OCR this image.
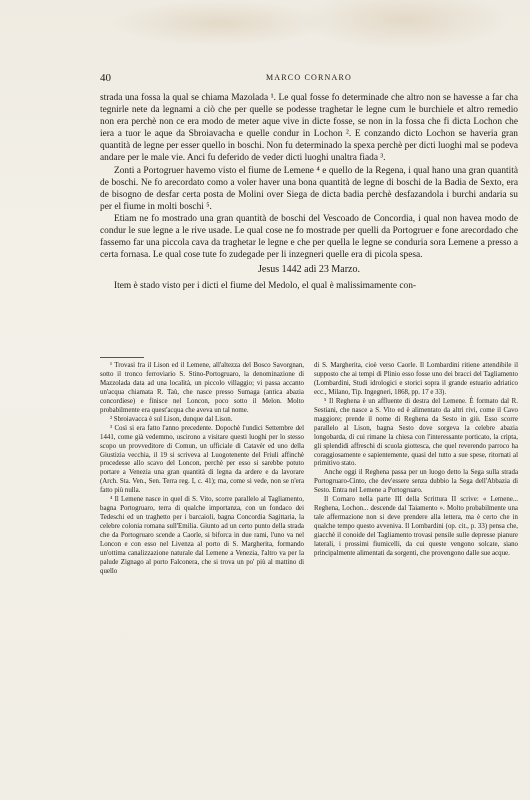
40	MARCO CORNARO

strada una fossa la qual se chiama Mazolada ¹. Le qual fosse fo determinade che altro non se havesse a far cha tegnirle nete da legnami a ciò che per quelle se podesse traghetar le legne cum le burchiele et altro remedio non era perchè non ce era modo de meter aque vive in dicte fosse, se non in la fossa che fi dicta Lochon che iera a tuor le aque da Sbroiavacha e quelle condur in Lochon ². E conzando dicto Lochon se haveria gran quantità de legne per esser quello in boschi. Non fu determinado la spexa perchè per dicti luoghi mal se podeva andare per le male vie. Anci fu deferido de veder dicti luoghi unaltra fiada ³.

Zonti a Portogruer havemo visto el fiume de Lemene ⁴ e quello de la Regena, i qual hano una gran quantità de boschi. Ne fo arecordato como a voler haver una bona quantità de legne di boschi de la Badia de Sexto, era de bisogno de desfar certa posta de Molini over Siega de dicta badia perchè desfazandola i burchi andaria su per el fiume in molti boschi ⁵.

Etiam ne fo mostrado una gran quantità de boschi del Vescoado de Concordia, i qual non havea modo de condur le sue legne a le rive usade. Le qual cose ne fo mostrade per quelli da Portogruer e fone arecordado che fassemo far una piccola cava da traghetar le legne e che per quella le legne se conduria sora Lemene a presso a certa fornasa. Le qual cose tute fo zudegade per li inzegneri quelle era di picola spesa.

Jesus 1442 adì 23 Marzo.

Item è stado visto per i dicti el fiume del Medolo, el qual è malissimamente con-

¹ Trovasi fra il Lison ed il Lemene, all'altezza del Bosco Savorgnan, sotto il tronco ferroviario S. Stino-Portogruaro, la denominazione di Mazzolada data ad una località, un piccolo villaggio; vi passa accanto un'acqua chiamata R. Taù, che nasce presso Sumaga (antica abazia concordiese) e finisce nel Loncon, poco sotto il Melon. Molto probabilmente era quest'acqua che aveva un tal nome.

² Sbroiavacca è sul Lison, dunque dal Lison.

³ Così si era fatto l'anno precedente. Dopochè l'undici Settembre del 1441, come già vedemmo, uscirono a visitare questi luoghi per lo stesso scopo un provveditore di Comun, un ufficiale di Catavèr ed uno della Giustizia vecchia, il 19 si scriveva al Luogotenente del Friuli affinchè procedesse allo scavo del Loncon, perchè per esso si sarebbe potuto portare a Venezia una gran quantità di legna da ardere e da lavorare (Arch. Sta. Ven., Sen. Terra reg. I, c. 41); ma, come si vede, non se n'era fatto più nulla.

⁴ Il Lemene nasce in quel di S. Vito, scorre parallelo al Tagliamento, bagna Portogruaro, terra di qualche importanza, con un fondaco dei Tedeschi ed un traghetto per i barcaioli, bagna Concordia Sagittaria, la celebre colonia romana sull'Emilia. Giunto ad un certo punto della strada che da Portogruaro scende a Caorle, si biforca in due rami, l'uno va nel Loncon e con esso nel Livenza al porto di S. Margherita, formando un'ottima canalizzazione naturale dal Lemene a Venezia, l'altro va per la palude Zignago al porto Falconera, che si trova un po' più al mattino di quello

di S. Margherita, cioè verso Caorle. Il Lombardini ritiene attendibile il supposto che ai tempi di Plinio esso fosse uno dei bracci del Tagliamento (Lombardini, Studi idrologici e storici sopra il grande estuario adriatico ecc., Milano, Tip. Ingegneri, 1868, pp. 17 e 33).

⁵ Il Reghena è un affluente di destra del Lemene. È formato dal R. Sestiani, che nasce a S. Vito ed è alimentato da altri rivi, come il Cavo maggiore; prende il nome di Reghena da Sesto in giù. Esso scorre parallelo al Lison, bagna Sesto dove sorgeva la celebre abazia longobarda, di cui rimane la chiesa con l'interessante porticato, la cripta, gli splendidi affreschi di scuola giottesca, che quel reverendo parroco ha coraggiosamente e sapientemente, quasi del tutto a sue spese, ritornati al primitivo stato.

Anche oggi il Reghena passa per un luogo detto la Sega sulla strada Portogruaro-Cinto, che dev'essere senza dubbio la Sega dell'Abbazia di Sesto. Entra nel Lemene a Portogruaro.

Il Cornaro nella parte III della Scrittura II scrive: « Lemene... Reghena, Lochon... descende dal Taiamento ». Molto probabilmente una tale affermazione non si deve prendere alla lettera, ma è certo che in qualche tempo questo avveniva. Il Lombardini (op. cit., p. 33) pensa che, giacchè il conoide del Tagliamento trovasi pensile sulle depresse pianure laterali, i prossimi fiumicelli, da cui queste vengono solcate, siano principalmente alimentati da sorgenti, che provengono dalle sue acque.
